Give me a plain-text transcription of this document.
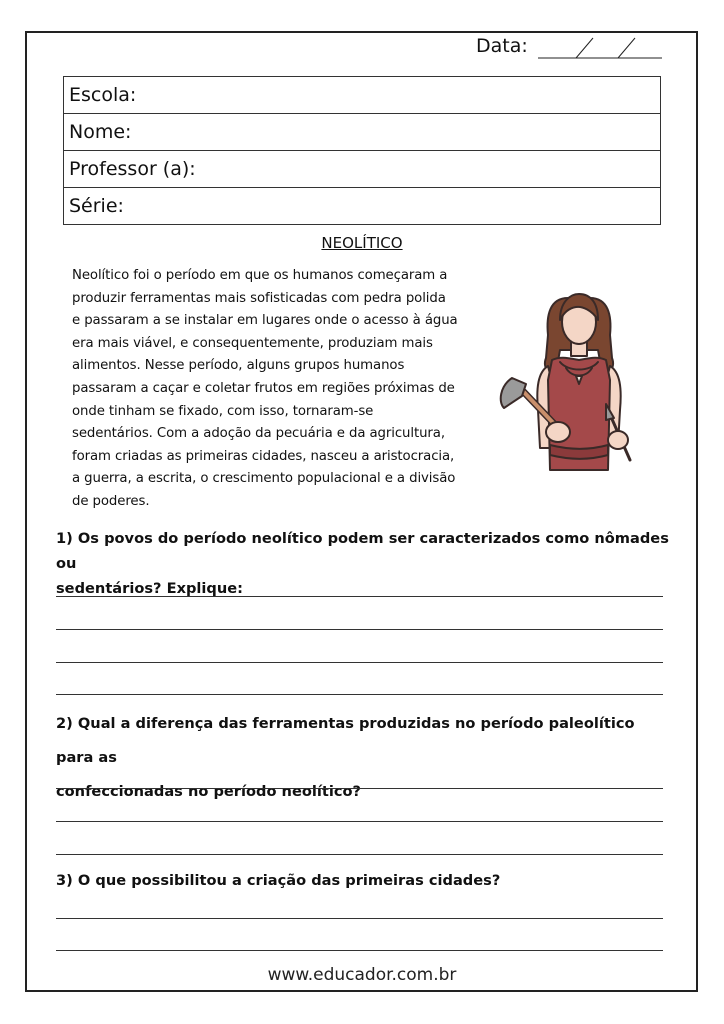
Data:
Escola:
Nome:
Professor (a):
Série:
NEOLÍTICO
Neolítico foi o período em que os humanos começaram a
produzir ferramentas mais sofisticadas com pedra polida
e passaram a se instalar em lugares onde o acesso à água
era mais viável, e consequentemente, produziam mais
alimentos. Nesse período, alguns grupos humanos
passaram a caçar e coletar frutos em regiões próximas de
onde tinham se fixado, com isso, tornaram-se
sedentários. Com a adoção da pecuária e da agricultura,
foram criadas as primeiras cidades, nasceu a aristocracia,
a guerra, a escrita, o crescimento populacional e a divisão
de poderes.
1) Os povos do período neolítico podem ser caracterizados como nômades ou
sedentários? Explique:
2) Qual a diferença das ferramentas produzidas no período paleolítico para as
confeccionadas no período neolítico?
3) O que possibilitou a criação das primeiras cidades?
www.educador.com.br
